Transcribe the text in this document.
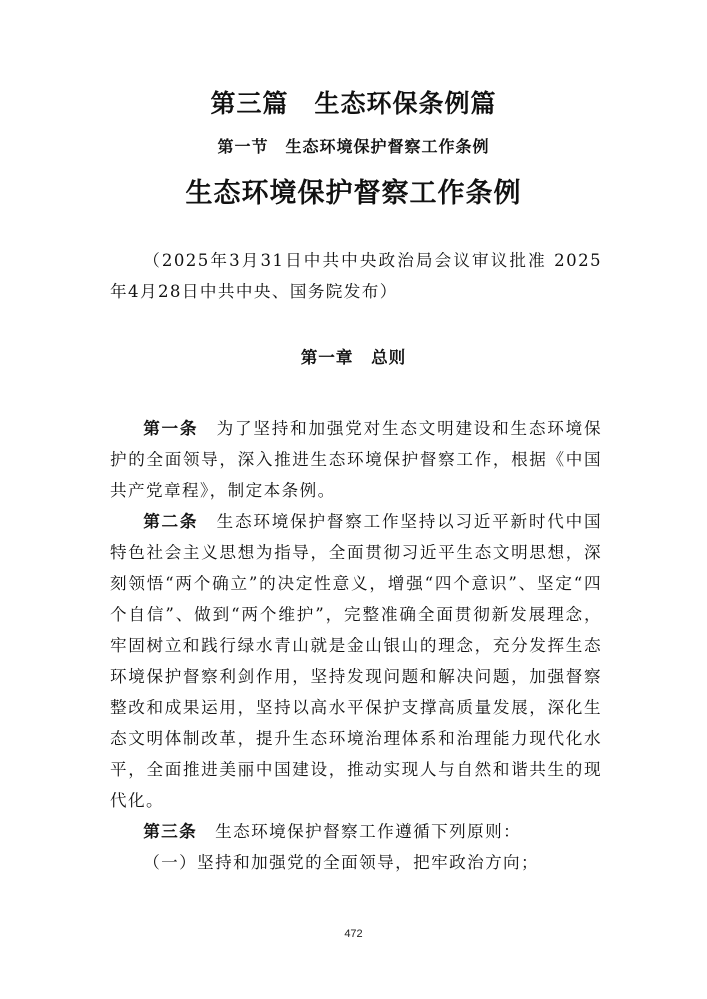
第三篇　生态环保条例篇
第一节　生态环境保护督察工作条例
生态环境保护督察工作条例

（2025年3月31日中共中央政治局会议审议批准 2025年4月28日中共中央、国务院发布）

第一章　总则

第一条　 为了坚持和加强党对生态文明建设和生态环境保护的全面领导，深入推进生态环境保护督察工作，根据《中国共产党章程》，制定本条例。

第二条　 生态环境保护督察工作坚持以习近平新时代中国特色社会主义思想为指导，全面贯彻习近平生态文明思想，深刻领悟“两个确立”的决定性意义，增强“四个意识”、坚定“四个自信”、做到“两个维护”，完整准确全面贯彻新发展理念，牢固树立和践行绿水青山就是金山银山的理念，充分发挥生态环境保护督察利剑作用，坚持发现问题和解决问题，加强督察整改和成果运用，坚持以高水平保护支撑高质量发展，深化生态文明体制改革，提升生态环境治理体系和治理能力现代化水平，全面推进美丽中国建设，推动实现人与自然和谐共生的现代化。

第三条　 生态环境保护督察工作遵循下列原则：

（一）坚持和加强党的全面领导，把牢政治方向；

472
